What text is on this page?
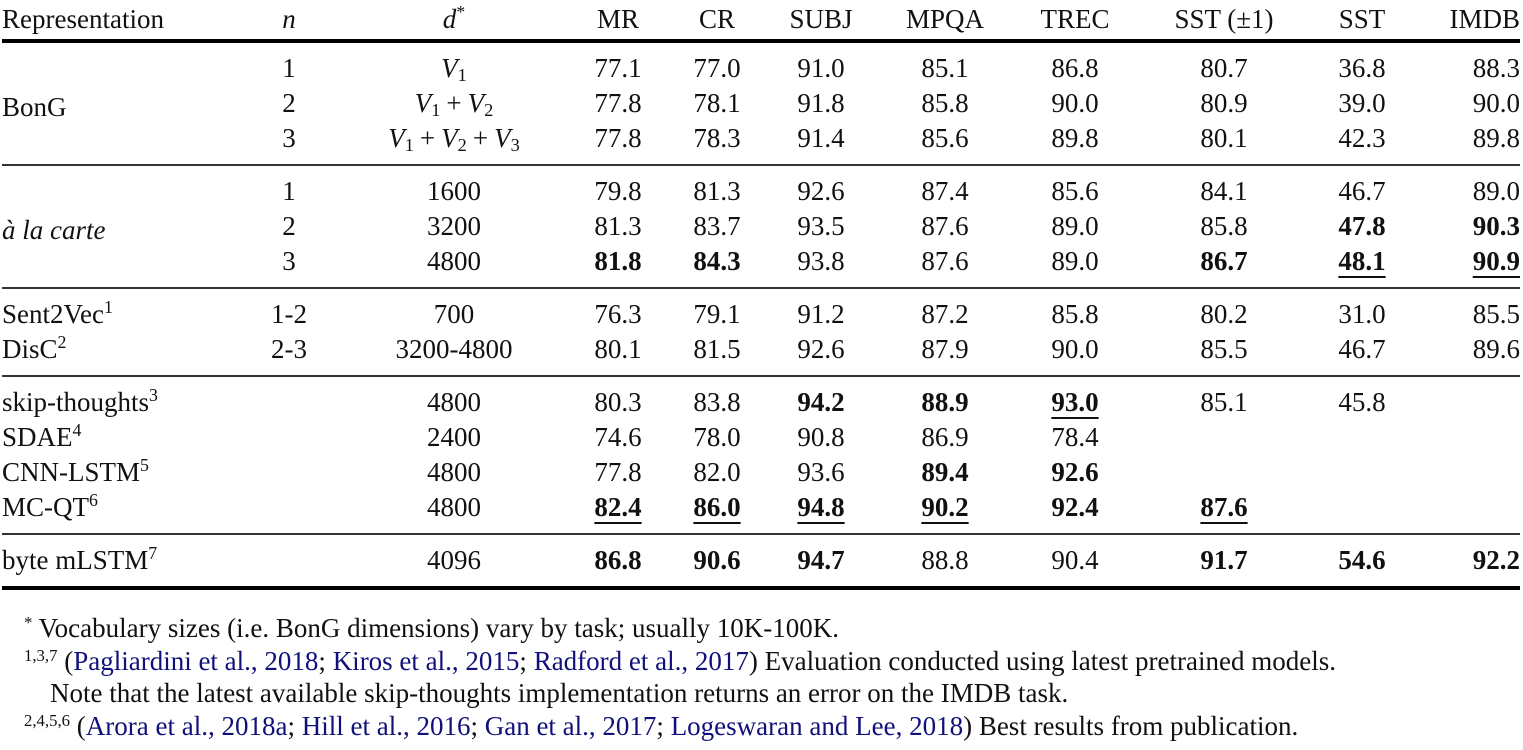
Representation	n	d*	MR	CR	SUBJ	MPQA	TREC	SST (±1)	SST	IMDB
BonG	1	$V_1$	77.1	77.0	91.0	85.1	86.8	80.7	36.8	88.3
	2	$V_1 + V_2$	77.8	78.1	91.8	85.8	90.0	80.9	39.0	90.0
	3	$V_1 + V_2 + V_3$	77.8	78.3	91.4	85.6	89.8	80.1	42.3	89.8
à la carte	1	1600	79.8	81.3	92.6	87.4	85.6	84.1	46.7	89.0
	2	3200	81.3	83.7	93.5	87.6	89.0	85.8	47.8	90.3
	3	4800	81.8	84.3	93.8	87.6	89.0	86.7	48.1	90.9
Sent2Vec$^1$	1-2	700	76.3	79.1	91.2	87.2	85.8	80.2	31.0	85.5
DisC$^2$	2-3	3200-4800	80.1	81.5	92.6	87.9	90.0	85.5	46.7	89.6
skip-thoughts$^3$		4800	80.3	83.8	94.2	88.9	93.0	85.1	45.8	
SDAE$^4$		2400	74.6	78.0	90.8	86.9	78.4			
CNN-LSTM$^5$		4800	77.8	82.0	93.6	89.4	92.6			
$MC-QT^6$		4800	82.4	86.0	94.8	90.2	92.4	87.6		
byte mLSTM$^7$		4096	86.8	90.6	94.7	88.8	90.4	91.7	54.6	92.2
* Vocabulary sizes (i.e. BonG dimensions) vary by task; usually 10K-100K.
$^{1,3,7}$ (Pagliardini et al., 2018; Kiros et al., 2015; Radford et al., 2017) Evaluation conducted using latest pretrained models.
Note that the latest available skip-thoughts implementation returns an error on the IMDB task.
$^{2,4,5,6}$ (Arora et al., 2018a; Hill et al., 2016; Gan et al., 2017; Logeswaran and Lee, 2018) Best results from publication.
